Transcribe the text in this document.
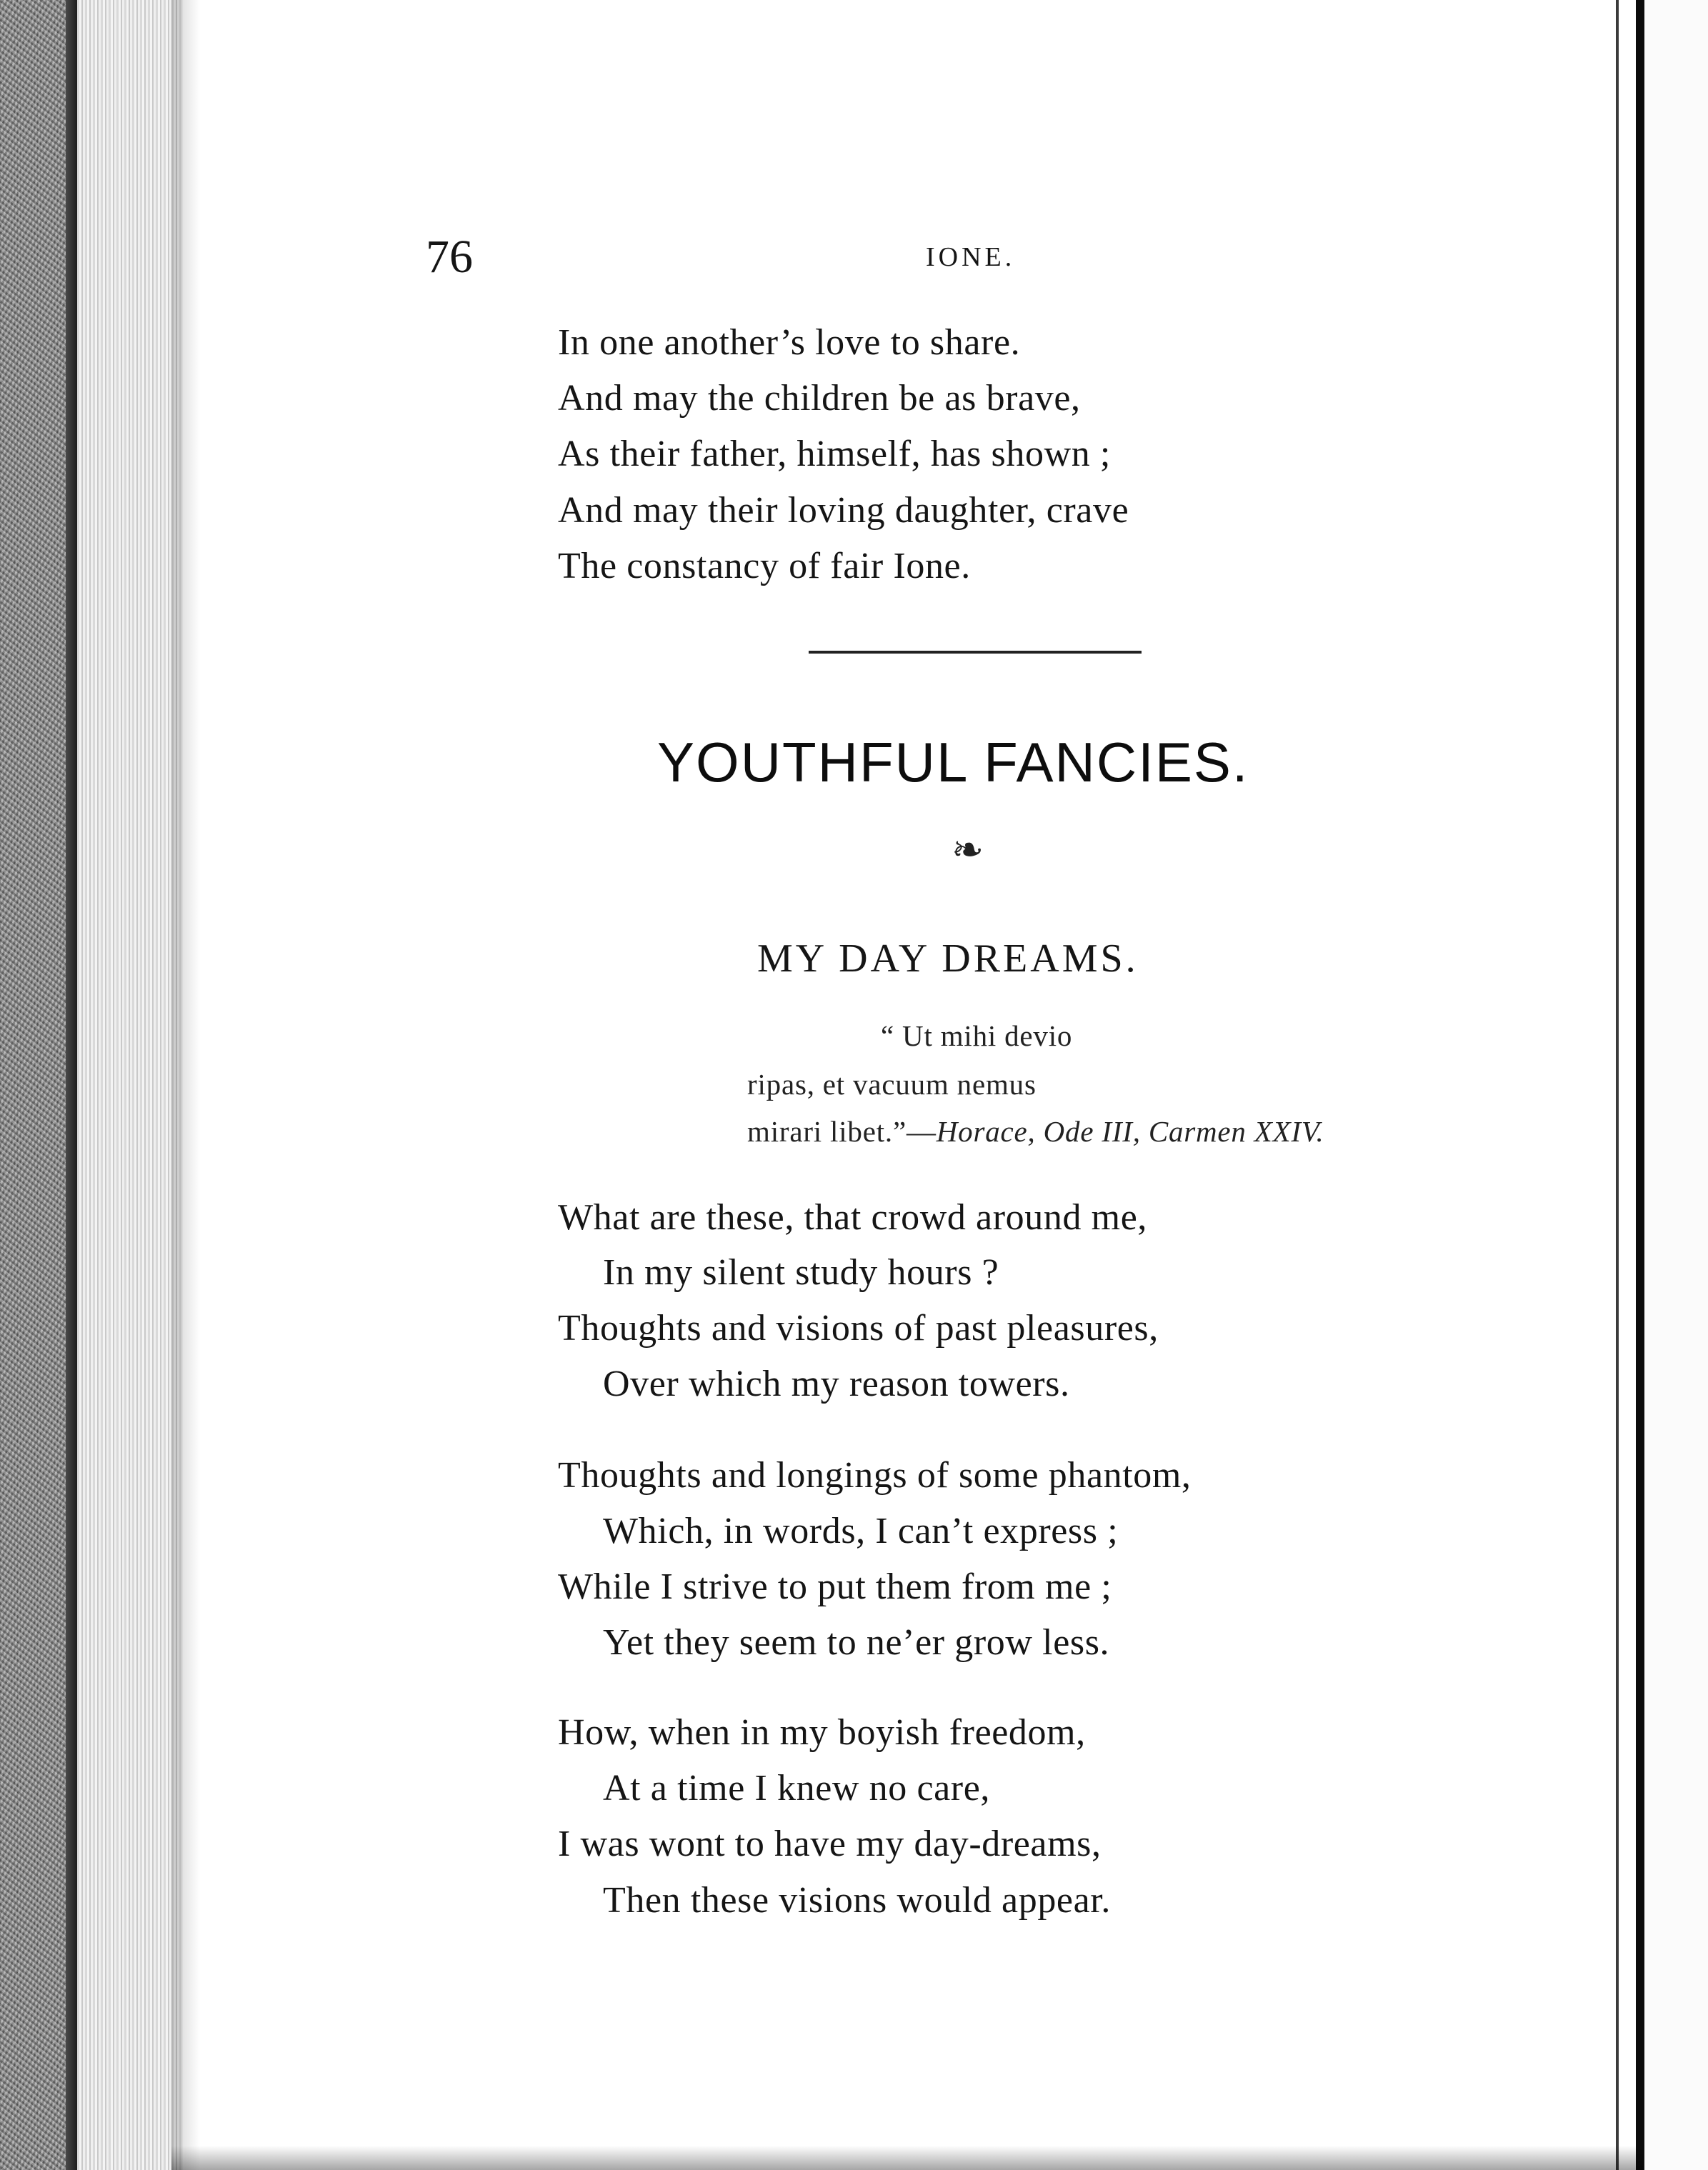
76	IONE.
In one another’s love to share.
And may the children be as brave,
As their father, himself, has shown ;
And may their loving daughter, crave
The constancy of fair Ione.
YOUTHFUL FANCIES.
❧
MY DAY DREAMS.
“ Ut mihi devio
ripas, et vacuum nemus
mirari libet.”—Horace, Ode III, Carmen XXIV.
What are these, that crowd around me,
In my silent study hours ?
Thoughts and visions of past pleasures,
Over which my reason towers.
Thoughts and longings of some phantom,
Which, in words, I can’t express ;
While I strive to put them from me ;
Yet they seem to ne’er grow less.
How, when in my boyish freedom,
At a time I knew no care,
I was wont to have my day-dreams,
Then these visions would appear.
